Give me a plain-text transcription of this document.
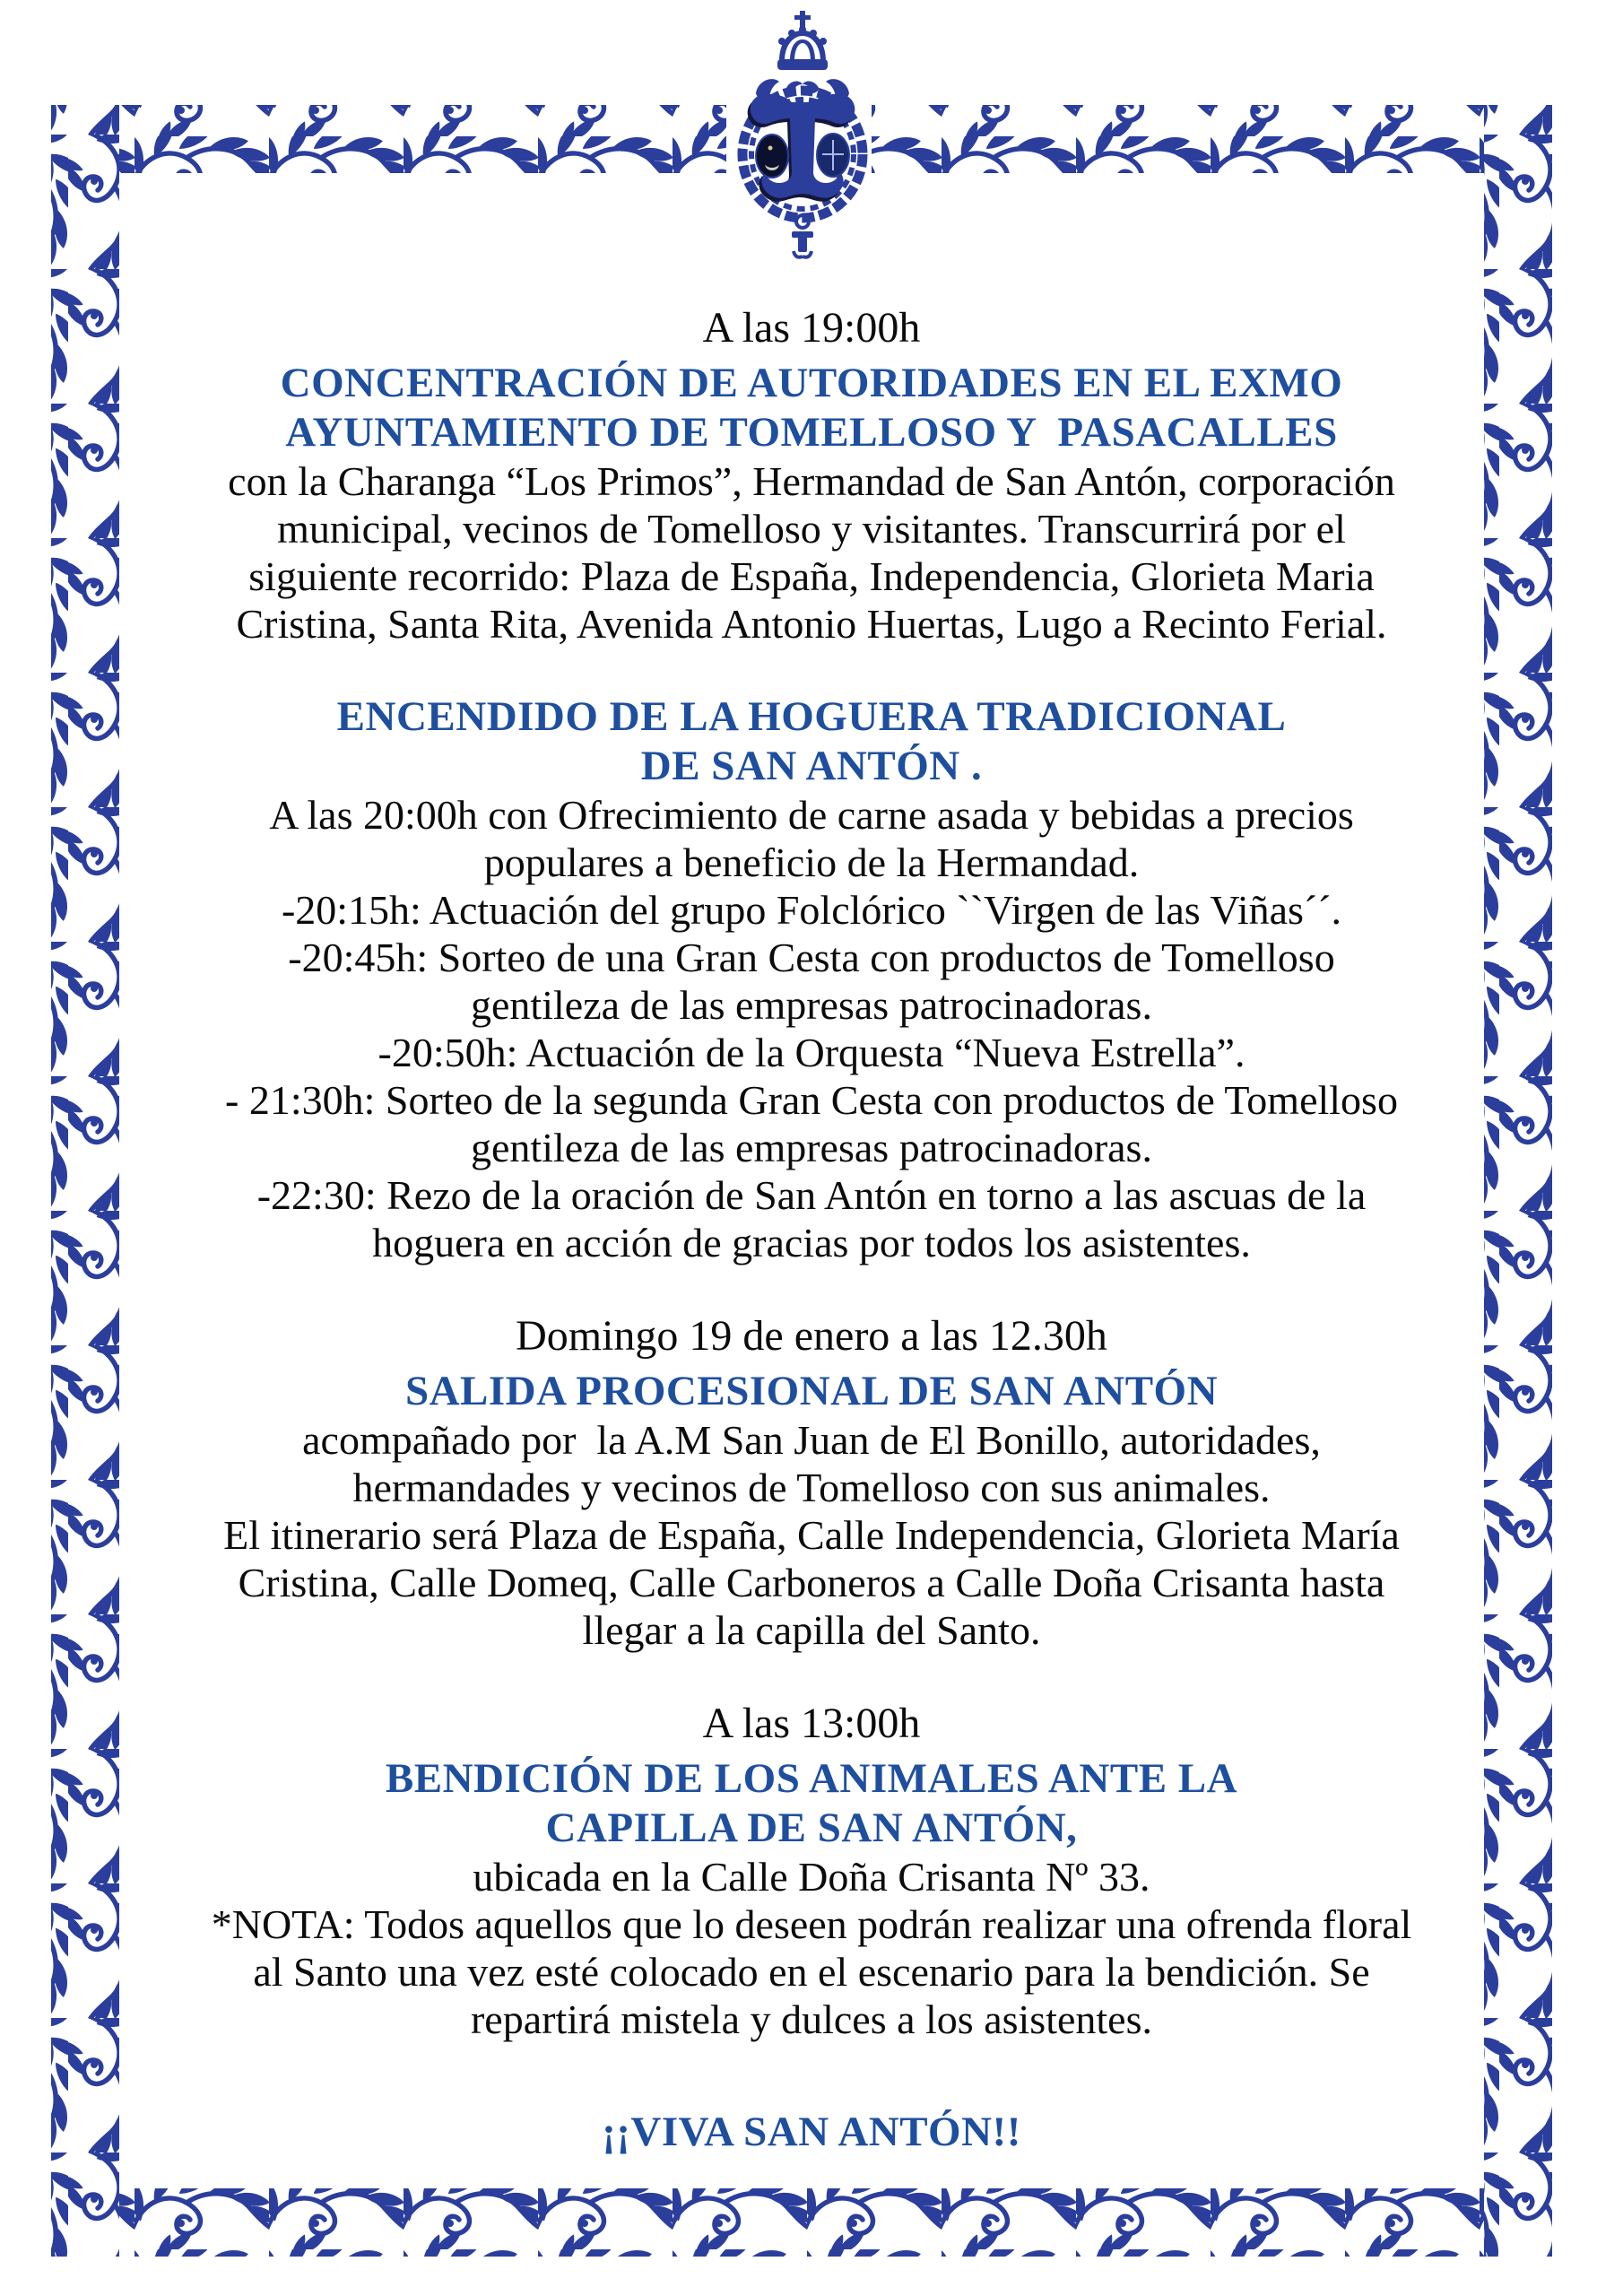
A las 19:00h
CONCENTRACIÓN DE AUTORIDADES EN EL EXMO
AYUNTAMIENTO DE TOMELLOSO Y  PASACALLES
con la Charanga “Los Primos”, Hermandad de San Antón, corporación
municipal, vecinos de Tomelloso y visitantes. Transcurrirá por el
siguiente recorrido: Plaza de España, Independencia, Glorieta Maria
Cristina, Santa Rita, Avenida Antonio Huertas, Lugo a Recinto Ferial.
ENCENDIDO DE LA HOGUERA TRADICIONAL
DE SAN ANTÓN .
A las 20:00h con Ofrecimiento de carne asada y bebidas a precios
populares a beneficio de la Hermandad.
-20:15h: Actuación del grupo Folclórico ``Virgen de las Viñas´´.
-20:45h: Sorteo de una Gran Cesta con productos de Tomelloso
gentileza de las empresas patrocinadoras.
-20:50h: Actuación de la Orquesta “Nueva Estrella”.
- 21:30h: Sorteo de la segunda Gran Cesta con productos de Tomelloso
gentileza de las empresas patrocinadoras.
-22:30: Rezo de la oración de San Antón en torno a las ascuas de la
hoguera en acción de gracias por todos los asistentes.
Domingo 19 de enero a las 12.30h
SALIDA PROCESIONAL DE SAN ANTÓN
acompañado por  la A.M San Juan de El Bonillo, autoridades,
hermandades y vecinos de Tomelloso con sus animales.
El itinerario será Plaza de España, Calle Independencia, Glorieta María
Cristina, Calle Domeq, Calle Carboneros a Calle Doña Crisanta hasta
llegar a la capilla del Santo.
A las 13:00h
BENDICIÓN DE LOS ANIMALES ANTE LA
CAPILLA DE SAN ANTÓN,
ubicada en la Calle Doña Crisanta Nº 33.
*NOTA: Todos aquellos que lo deseen podrán realizar una ofrenda floral
al Santo una vez esté colocado en el escenario para la bendición. Se
repartirá mistela y dulces a los asistentes.
¡¡VIVA SAN ANTÓN!!
